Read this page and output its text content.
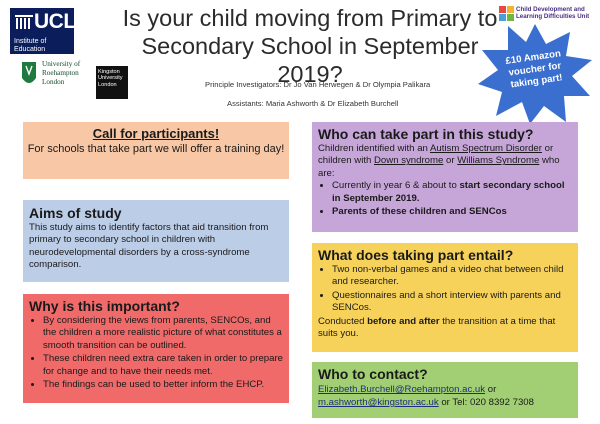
UCL
Institute of Education
University of
Roehampton
London
Kingston
University
London
Child Development and
Learning Difficulties Unit
Is your child moving from Primary to Secondary School in September 2019?
Principle Investigators: Dr Jo Van Herwegen & Dr Olympia Palikara
Assistants: Maria Ashworth & Dr Elizabeth Burchell
£10 Amazon voucher for taking part!
Call for participants!

For schools that take part we will offer a training day!

Aims of study

This study aims to identify factors that aid transition from primary to secondary school in children with neurodevelopmental disorders by a cross-syndrome comparison.

Why is this important?
• By considering the views from parents, SENCOs, and the children a more realistic picture of what constitutes a smooth transition can be outlined.
• These children need extra care taken in order to prepare for change and to have their needs met.
• The findings can be used to better inform the EHCP.
Who can take part in this study?

Children identified with an Autism Spectrum Disorder or children with Down syndrome or Williams Syndrome who are:

• Currently in year 6 & about to start secondary school in September 2019.
• Parents of these children and SENCos
What does taking part entail?
• Two non-verbal games and a video chat between child and researcher.
• Questionnaires and a short interview with parents and SENCos.

Conducted before and after the transition at a time that suits you.

Who to contact?

Elizabeth.Burchell@Roehampton.ac.uk or

m.ashworth@kingston.ac.uk or Tel: 020 8392 7308
